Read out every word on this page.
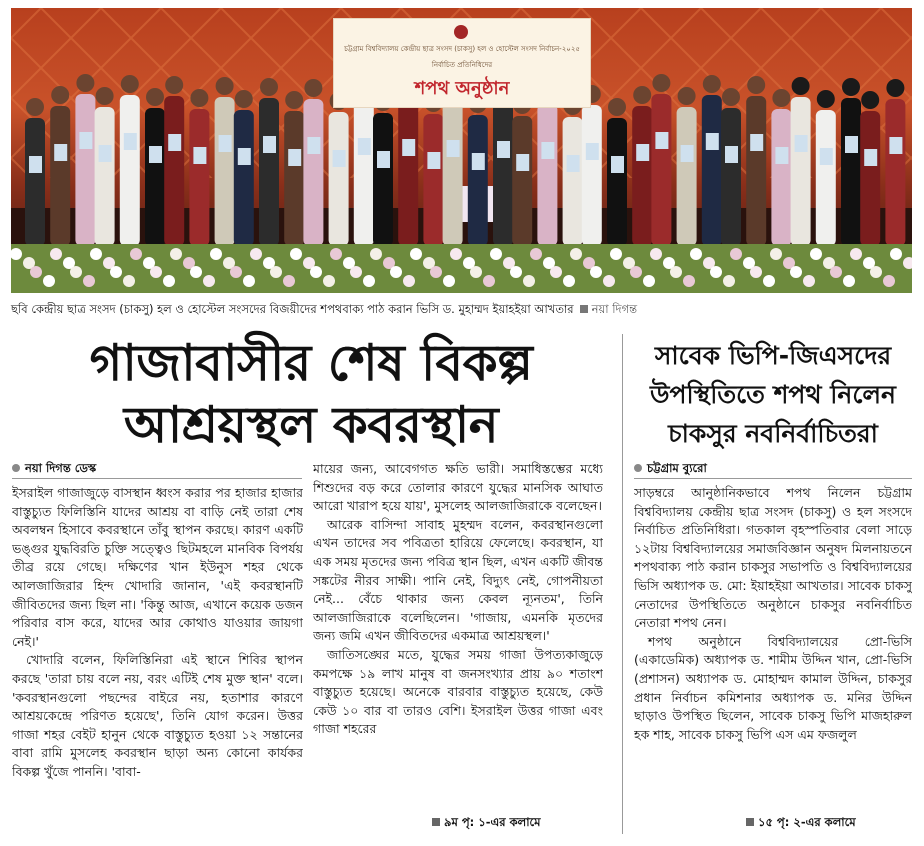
চট্টগ্রাম বিশ্ববিদ্যালয় কেন্দ্রীয় ছাত্র সংসদ (চাকসু) হল ও হোস্টেল সংসদ নির্বাচন-২০২৫
নির্বাচিত প্রতিনিধিদের
শপথ অনুষ্ঠান
ছবি কেন্দ্রীয় ছাত্র সংসদ (চাকসু) হল ও হোস্টেল সংসদের বিজয়ীদের শপথবাক্য পাঠ করান ভিসি ড. মুহাম্মদ ইয়াহইয়া আখতার নয়া দিগন্ত
গাজাবাসীর শেষ বিকল্প
আশ্রয়স্থল কবরস্থান
নয়া দিগন্ত ডেস্ক

ইসরাইল গাজাজুড়ে বাসস্থান ধ্বংস করার পর হাজার হাজার বাস্তুচ্যুত ফিলিস্তিনি যাদের আশ্রয় বা বাড়ি নেই তারা শেষ অবলম্বন হিসাবে কবরস্থানে তাঁবু স্থাপন করছে। কারণ একটি ভঙ্গুর যুদ্ধবিরতি চুক্তি সত্ত্বেও ছিটমহলে মানবিক বিপর্যয় তীব্র রয়ে গেছে। দক্ষিণের খান ইউনুস শহর থেকে আলজাজিরার হিন্দ খোদারি জানান, 'এই কবরস্থানটি জীবিতদের জন্য ছিল না। 'কিন্তু আজ, এখানে কয়েক ডজন পরিবার বাস করে, যাদের আর কোথাও যাওয়ার জায়গা নেই।'

খোদারি বলেন, ফিলিস্তিনিরা এই স্থানে শিবির স্থাপন করছে 'তারা চায় বলে নয়, বরং এটিই শেষ মুক্ত স্থান' বলে। 'কবরস্থানগুলো পছন্দের বাইরে নয়, হতাশার কারণে আশ্রয়কেন্দ্রে পরিণত হয়েছে', তিনি যোগ করেন। উত্তর গাজা শহর বেইট হানুন থেকে বাস্তুচ্যুত হওয়া ১২ সন্তানের বাবা রামি মুসলেহ কবরস্থান ছাড়া অন্য কোনো কার্যকর বিকল্প খুঁজে পাননি। 'বাবা-

মায়ের জন্য, আবেগগত ক্ষতি ভারী। সমাধিস্তম্ভের মধ্যে শিশুদের বড় করে তোলার কারণে যুদ্ধের মানসিক আঘাত আরো খারাপ হয়ে যায়', মুসলেহ আলজাজিরাকে বলেছেন।

আরেক বাসিন্দা সাবাহ মুহম্মদ বলেন, কবরস্থানগুলো এখন তাদের সব পবিত্রতা হারিয়ে ফেলেছে। কবরস্থান, যা এক সময় মৃতদের জন্য পবিত্র স্থান ছিল, এখন একটি জীবন্ত সঙ্কটের নীরব সাক্ষী। পানি নেই, বিদ্যুৎ নেই, গোপনীয়তা নেই... বেঁচে থাকার জন্য কেবল ন্যূনতম', তিনি আলজাজিরাকে বলেছিলেন। 'গাজায়, এমনকি মৃতদের জন্য জমি এখন জীবিতদের একমাত্র আশ্রয়স্থল।'

জাতিসঙ্ঘের মতে, যুদ্ধের সময় গাজা উপত্যকাজুড়ে কমপক্ষে ১৯ লাখ মানুষ বা জনসংখ্যার প্রায় ৯০ শতাংশ বাস্তুচ্যুত হয়েছে। অনেকে বারবার বাস্তুচ্যুত হয়েছে, কেউ কেউ ১০ বার বা তারও বেশি। ইসরাইল উত্তর গাজা এবং গাজা শহরের

৯ম পৃ: ১-এর কলামে
সাবেক ভিপি-জিএসদের
উপস্থিতিতে শপথ নিলেন
চাকসুর নবনির্বাচিতরা
চট্টগ্রাম ব্যুরো

সাড়ম্বরে আনুষ্ঠানিকভাবে শপথ নিলেন চট্টগ্রাম বিশ্ববিদ্যালয় কেন্দ্রীয় ছাত্র সংসদ (চাকসু) ও হল সংসদে নির্বাচিত প্রতিনিধিরা। গতকাল বৃহস্পতিবার বেলা সাড়ে ১২টায় বিশ্ববিদ্যালয়ের সমাজবিজ্ঞান অনুষদ মিলনায়তনে শপথবাক্য পাঠ করান চাকসুর সভাপতি ও বিশ্ববিদ্যালয়ের ভিসি অধ্যাপক ড. মো: ইয়াহইয়া আখতার। সাবেক চাকসু নেতাদের উপস্থিতিতে অনুষ্ঠানে চাকসুর নবনির্বাচিত নেতারা শপথ নেন।

শপথ অনুষ্ঠানে বিশ্ববিদ্যালয়ের প্রো-ভিসি (একাডেমিক) অধ্যাপক ড. শামীম উদ্দিন খান, প্রো-ভিসি (প্রশাসন) অধ্যাপক ড. মোহাম্মদ কামাল উদ্দিন, চাকসুর প্রধান নির্বাচন কমিশনার অধ্যাপক ড. মনির উদ্দিন ছাড়াও উপস্থিত ছিলেন, সাবেক চাকসু ভিপি মাজহারুল হক শাহ, সাবেক চাকসু ভিপি এস এম ফজলুল

১৫ পৃ: ২-এর কলামে
